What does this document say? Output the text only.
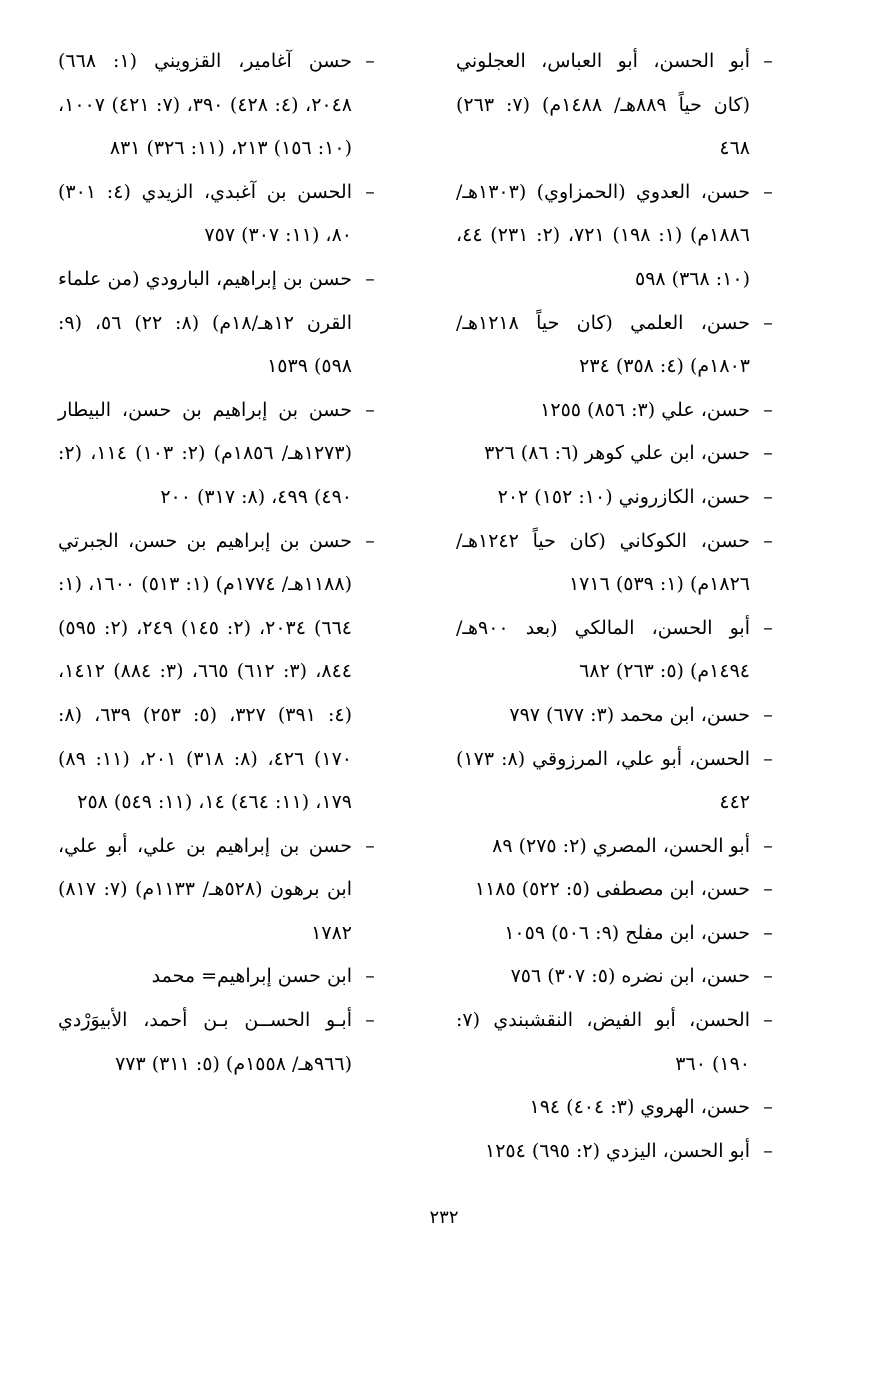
–
أبو الحسن، أبو العباس، العجلوني (كان حياً ٨٨٩هـ/ ١٤٨٨م) (٧: ٢٦٣) ٤٦٨

–
حسن، العدوي (الحمزاوي) (١٣٠٣هـ/ ١٨٨٦م) (١: ١٩٨) ٧٢١، (٢: ٢٣١) ٤٤، (١٠: ٣٦٨) ٥٩٨

–
حسن، العلمي (كان حياً ١٢١٨هـ/ ١٨٠٣م) (٤: ٣٥٨) ٢٣٤

–
حسن، علي (٣: ٨٥٦) ١٢٥٥

–
حسن، ابن علي كوهر (٦: ٨٦) ٣٢٦

–
حسن، الكازروني (١٠: ١٥٢) ٢٠٢

–
حسن، الكوكاني (كان حياً ١٢٤٢هـ/ ١٨٢٦م) (١: ٥٣٩) ١٧١٦

–
أبو الحسن، المالكي (بعد ٩٠٠هـ/ ١٤٩٤م) (٥: ٢٦٣) ٦٨٢

–
حسن، ابن محمد (٣: ٦٧٧) ٧٩٧

–
الحسن، أبو علي، المرزوقي (٨: ١٧٣) ٤٤٢

–
أبو الحسن، المصري (٢: ٢٧٥) ٨٩

–
حسن، ابن مصطفى (٥: ٥٢٢) ١١٨٥

–
حسن، ابن مفلح (٩: ٥٠٦) ١٠٥٩

–
حسن، ابن نضره (٥: ٣٠٧) ٧٥٦

–
الحسن، أبو الفيض، النقشبندي (٧: ١٩٠) ٣٦٠

–
حسن، الهروي (٣: ٤٠٤) ١٩٤

–
أبو الحسن، اليزدي (٢: ٦٩٥) ١٢٥٤

–
حسن آغامير، القزويني (١: ٦٦٨) ٢٠٤٨، (٤: ٤٢٨) ٣٩٠، (٧: ٤٢١) ١٠٠٧، (١٠: ١٥٦) ٢١٣، (١١: ٣٢٦) ٨٣١

–
الحسن بن آغبدي، الزيدي (٤: ٣٠١) ٨٠، (١١: ٣٠٧) ٧٥٧

–
حسن بن إبراهيم، البارودي (من علماء القرن ١٢هـ/١٨م) (٨: ٢٢) ٥٦، (٩: ٥٩٨) ١٥٣٩

–
حسن بن إبراهيم بن حسن، البيطار (١٢٧٣هـ/ ١٨٥٦م) (٢: ١٠٣) ١١٤، (٢: ٤٩٠) ٤٩٩، (٨: ٣١٧) ٢٠٠

–
حسن بن إبراهيم بن حسن، الجبرتي (١١٨٨هـ/ ١٧٧٤م) (١: ٥١٣) ١٦٠٠، (١: ٦٦٤) ٢٠٣٤، (٢: ١٤٥) ٢٤٩، (٢: ٥٩٥) ٨٤٤، (٣: ٦١٢) ٦٦٥، (٣: ٨٨٤) ١٤١٢، (٤: ٣٩١) ٣٢٧، (٥: ٢٥٣) ٦٣٩، (٨: ١٧٠) ٤٢٦، (٨: ٣١٨) ٢٠١، (١١: ٨٩) ١٧٩، (١١: ٤٦٤) ١٤، (١١: ٥٤٩) ٢٥٨

–
حسن بن إبراهيم بن علي، أبو علي، ابن برهون (٥٢٨هـ/ ١١٣٣م) (٧: ٨١٧) ١٧٨٢

–
ابن حسن إبراهيم= محمد

–
أبـو الحســن بـن أحمد، الأبيوَرْدي (٩٦٦هـ/ ١٥٥٨م) (٥: ٣١١) ٧٧٣

٢٣٢
